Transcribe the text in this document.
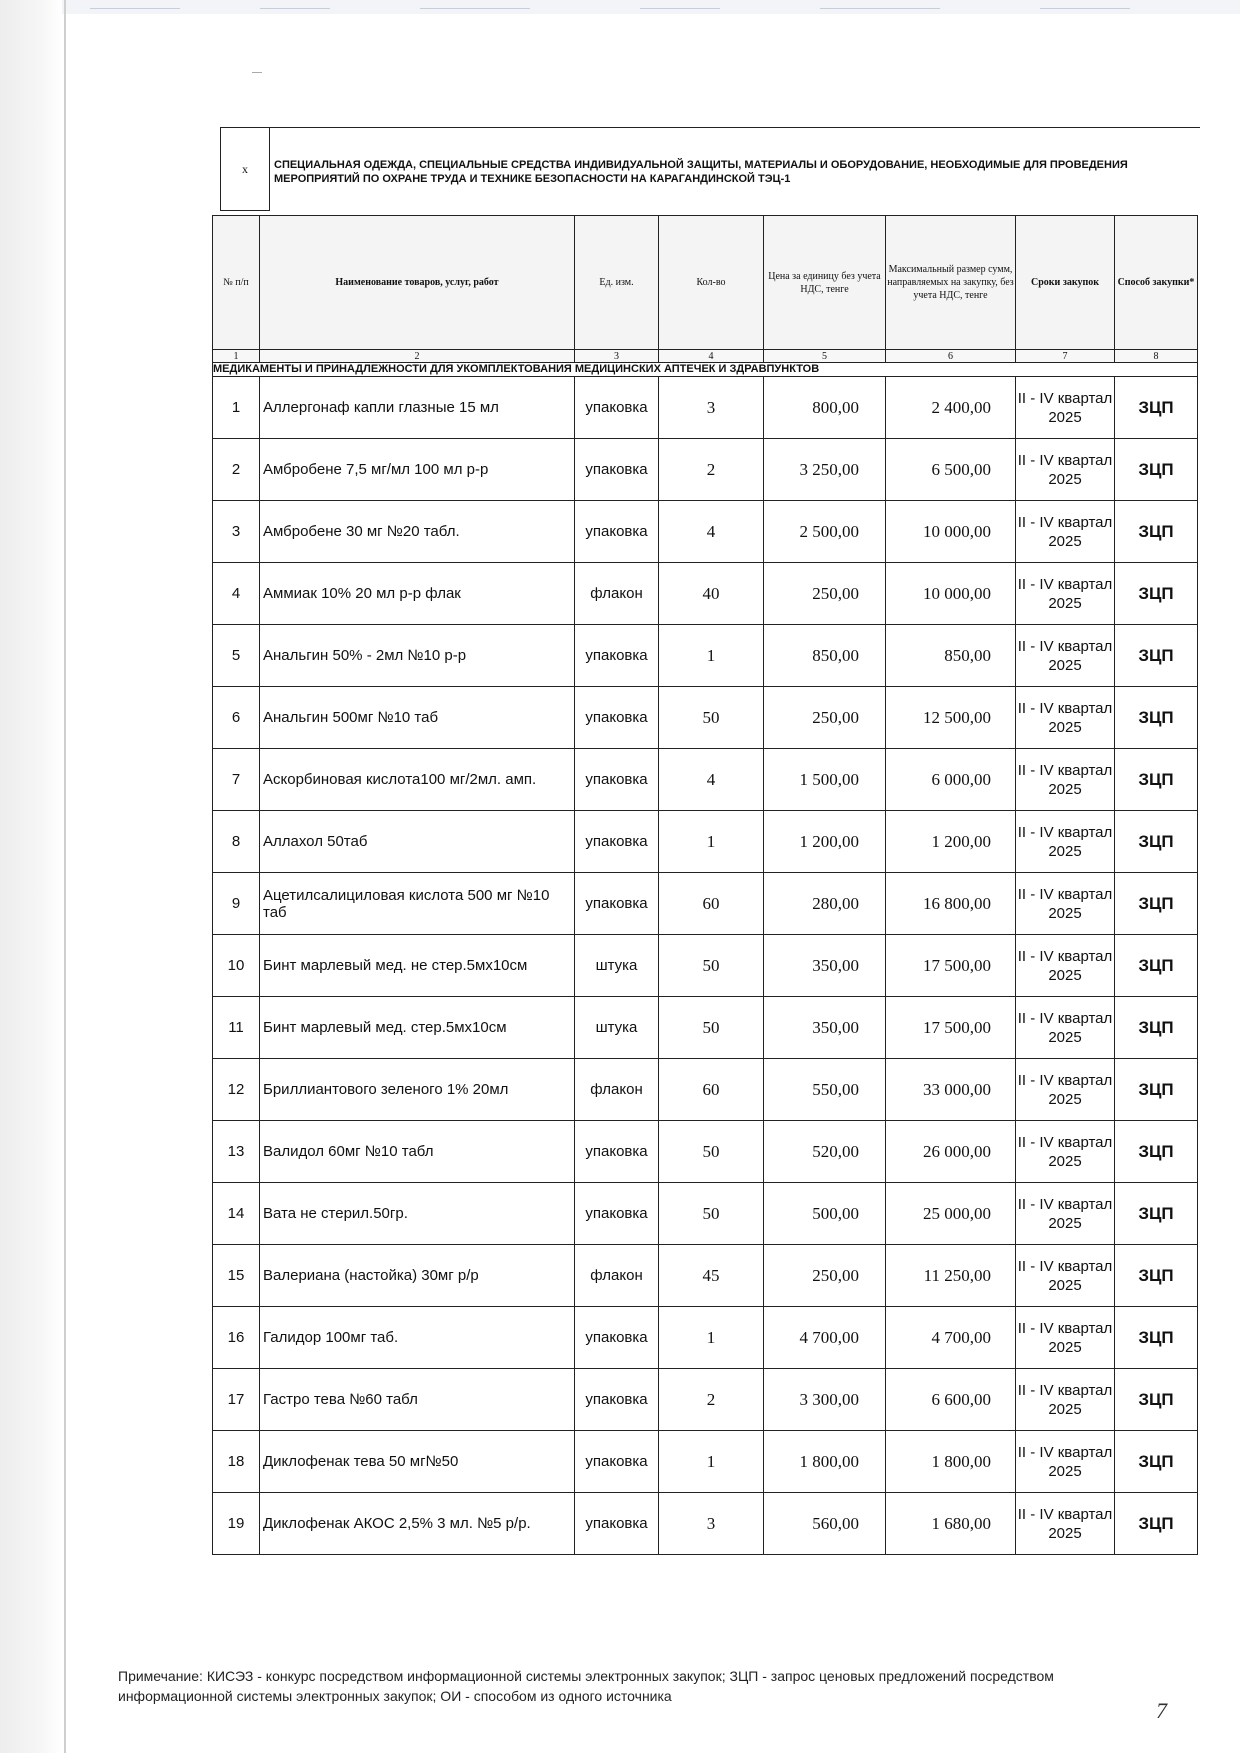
х	СПЕЦИАЛЬНАЯ ОДЕЖДА, СПЕЦИАЛЬНЫЕ СРЕДСТВА ИНДИВИДУАЛЬНОЙ ЗАЩИТЫ, МАТЕРИАЛЫ И ОБОРУДОВАНИЕ, НЕОБХОДИМЫЕ ДЛЯ ПРОВЕДЕНИЯ МЕРОПРИЯТИЙ ПО ОХРАНЕ ТРУДА И ТЕХНИКЕ БЕЗОПАСНОСТИ НА КАРАГАНДИНСКОЙ ТЭЦ-1
№ п/п	Наименование товаров, услуг, работ	Ед. изм.	Кол-во	Цена за единицу без учета НДС, тенге	Максимальный размер сумм, направляемых на закупку, без учета НДС, тенге	Сроки закупок	Способ закупки*
1	2	3	4	5	6	7	8
МЕДИКАМЕНТЫ И ПРИНАДЛЕЖНОСТИ ДЛЯ УКОМПЛЕКТОВАНИЯ МЕДИЦИНСКИХ АПТЕЧЕК И ЗДРАВПУНКТОВ							
1	Аллергонаф капли глазные 15 мл	упаковка	3	800,00	2 400,00	II - IV квартал 2025	ЗЦП
2	Амбробене 7,5 мг/мл 100 мл р-р	упаковка	2	3 250,00	6 500,00	II - IV квартал 2025	ЗЦП
3	Амбробене 30 мг №20 табл.	упаковка	4	2 500,00	10 000,00	II - IV квартал 2025	ЗЦП
4	Аммиак 10% 20 мл р-р флак	флакон	40	250,00	10 000,00	II - IV квартал 2025	ЗЦП
5	Анальгин 50% - 2мл №10 р-р	упаковка	1	850,00	850,00	II - IV квартал 2025	ЗЦП
6	Анальгин 500мг №10 таб	упаковка	50	250,00	12 500,00	II - IV квартал 2025	ЗЦП
7	Аскорбиновая кислота100 мг/2мл. амп.	упаковка	4	1 500,00	6 000,00	II - IV квартал 2025	ЗЦП
8	Аллахол 50таб	упаковка	1	1 200,00	1 200,00	II - IV квартал 2025	ЗЦП
9	Ацетилсалициловая кислота 500 мг №10 таб	упаковка	60	280,00	16 800,00	II - IV квартал 2025	ЗЦП
10	Бинт марлевый мед. не стер.5мх10см	штука	50	350,00	17 500,00	II - IV квартал 2025	ЗЦП
11	Бинт марлевый мед. стер.5мх10см	штука	50	350,00	17 500,00	II - IV квартал 2025	ЗЦП
12	Бриллиантового зеленого 1% 20мл	флакон	60	550,00	33 000,00	II - IV квартал 2025	ЗЦП
13	Валидол 60мг №10 табл	упаковка	50	520,00	26 000,00	II - IV квартал 2025	ЗЦП
14	Вата не стерил.50гр.	упаковка	50	500,00	25 000,00	II - IV квартал 2025	ЗЦП
15	Валериана (настойка) 30мг р/р	флакон	45	250,00	11 250,00	II - IV квартал 2025	ЗЦП
16	Галидор 100мг таб.	упаковка	1	4 700,00	4 700,00	II - IV квартал 2025	ЗЦП
17	Гастро тева №60 табл	упаковка	2	3 300,00	6 600,00	II - IV квартал 2025	ЗЦП
18	Диклофенак тева 50 мг№50	упаковка	1	1 800,00	1 800,00	II - IV квартал 2025	ЗЦП
19	Диклофенак АКОС 2,5% 3 мл. №5 р/р.	упаковка	3	560,00	1 680,00	II - IV квартал 2025	ЗЦП
Примечание: КИСЭЗ - конкурс посредством информационной системы электронных закупок; ЗЦП - запрос ценовых предложений посредством информационной системы электронных закупок; ОИ - способом из одного источника
7
